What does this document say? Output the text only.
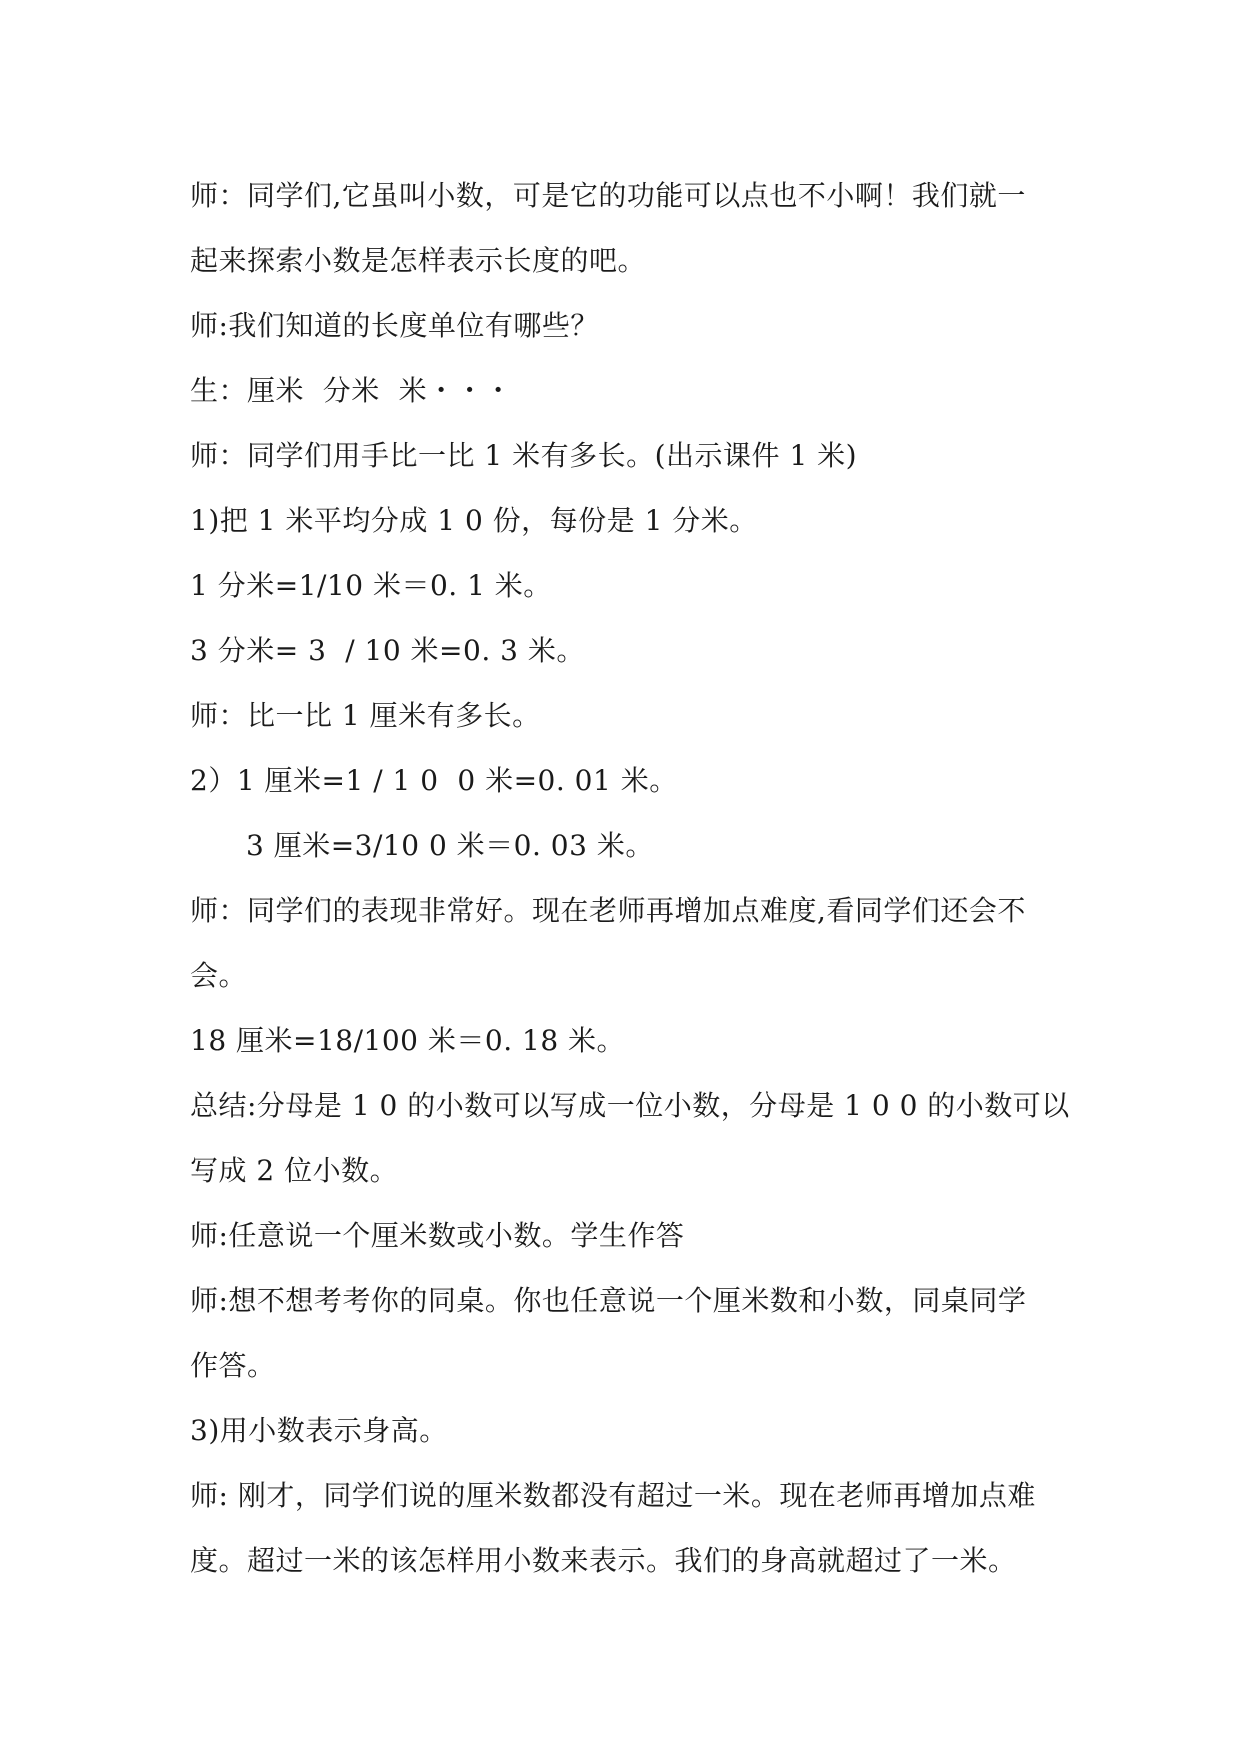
师：同学们,它虽叫小数，可是它的功能可以点也不小啊！我们就一
起来探索小数是怎样表示长度的吧。
师:我们知道的长度单位有哪些？
生：厘米  分米  米・・・
师：同学们用手比一比 1 米有多长。(出示课件 1 米)
1)把 1 米平均分成 1 0 份，每份是 1 分米。
1 分米=1/10 米＝0. 1 米。
3 分米= 3  / 10 米=0. 3 米。
师：比一比 1 厘米有多长。
2）1 厘米=1 / 1 0  0 米=0. 01 米。
3 厘米=3/10 0 米＝0. 03 米。
师：同学们的表现非常好。现在老师再增加点难度,看同学们还会不
会。
18 厘米=18/100 米＝0. 18 米。
总结:分母是 1 0 的小数可以写成一位小数，分母是 1 0 0 的小数可以
写成 2 位小数。
师:任意说一个厘米数或小数。学生作答
师:想不想考考你的同桌。你也任意说一个厘米数和小数，同桌同学
作答。
3)用小数表示身高。
师: 刚才，同学们说的厘米数都没有超过一米。现在老师再增加点难
度。超过一米的该怎样用小数来表示。我们的身高就超过了一米。
